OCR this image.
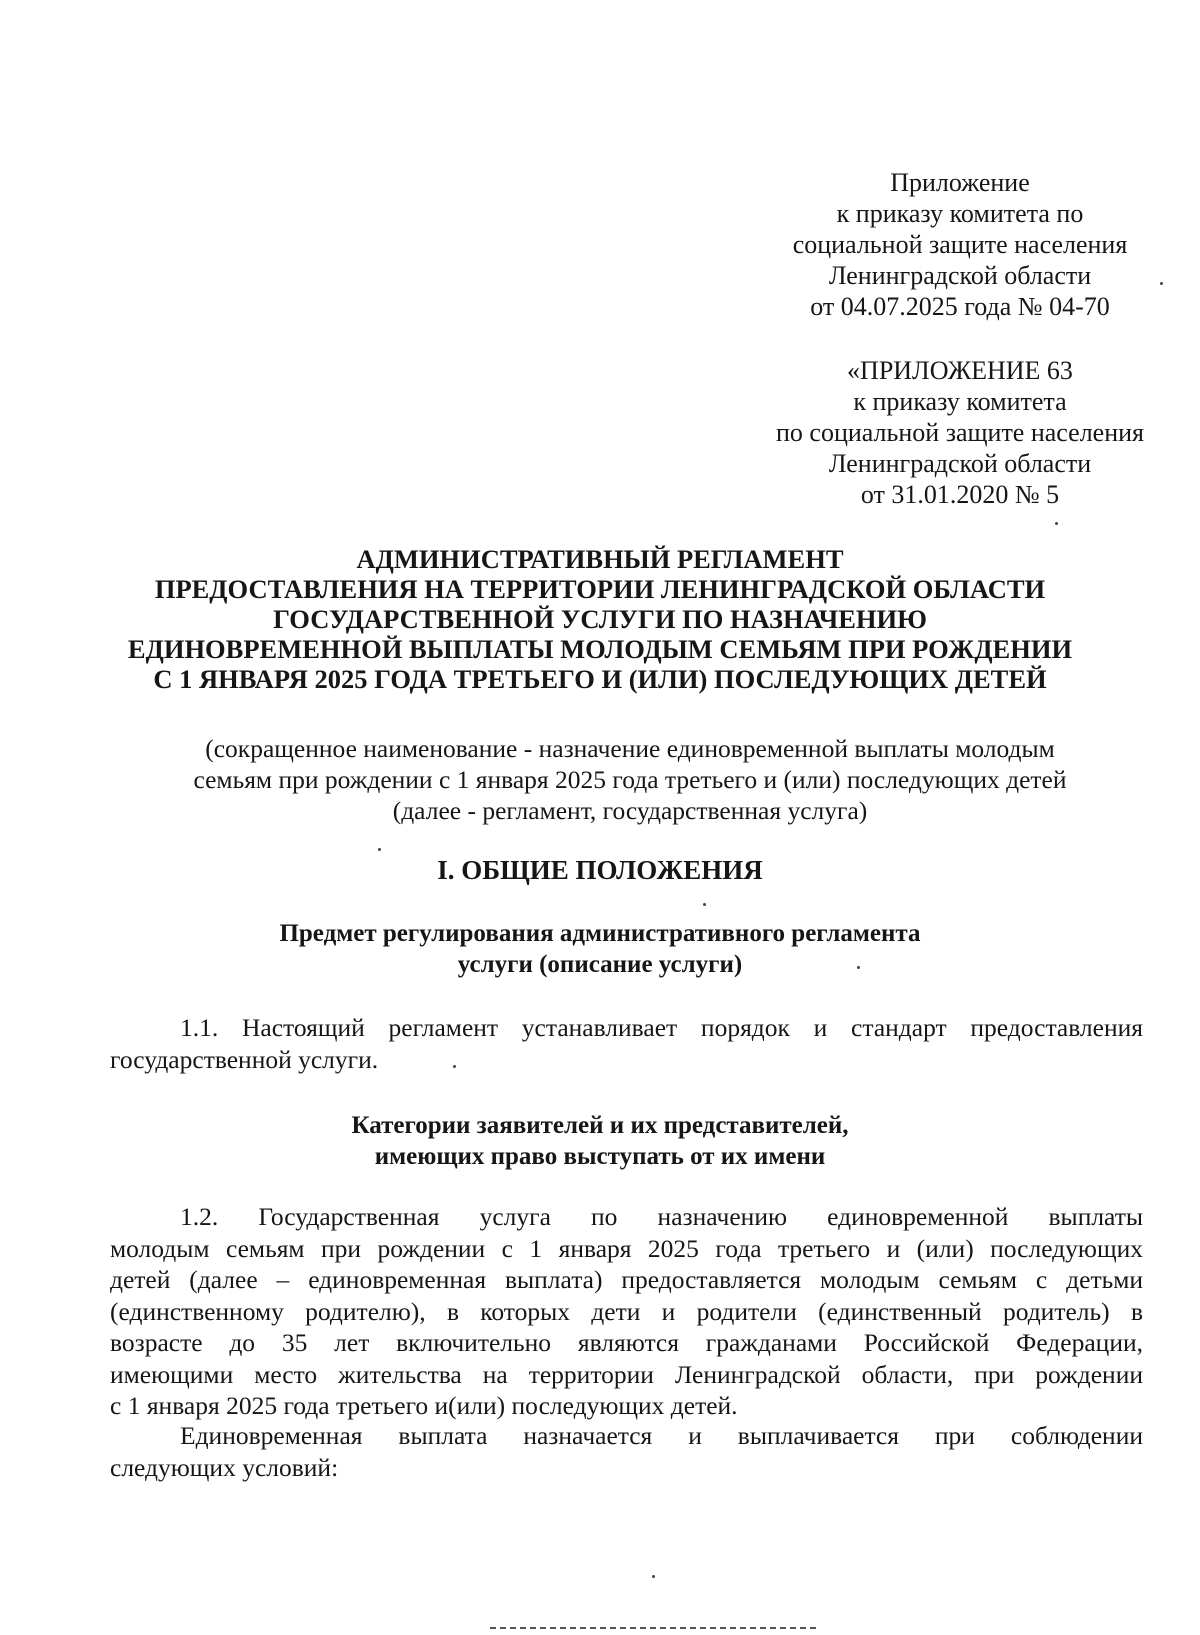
Приложение
к приказу комитета по
социальной защите населения
Ленинградской области
от 04.07.2025 года № 04-70
«ПРИЛОЖЕНИЕ 63
к приказу комитета
по социальной защите населения
Ленинградской области
от 31.01.2020 № 5
АДМИНИСТРАТИВНЫЙ РЕГЛАМЕНТ
ПРЕДОСТАВЛЕНИЯ НА ТЕРРИТОРИИ ЛЕНИНГРАДСКОЙ ОБЛАСТИ
ГОСУДАРСТВЕННОЙ УСЛУГИ ПО НАЗНАЧЕНИЮ
ЕДИНОВРЕМЕННОЙ ВЫПЛАТЫ МОЛОДЫМ СЕМЬЯМ ПРИ РОЖДЕНИИ
С 1 ЯНВАРЯ 2025 ГОДА ТРЕТЬЕГО И (ИЛИ) ПОСЛЕДУЮЩИХ ДЕТЕЙ
(сокращенное наименование - назначение единовременной выплаты молодым
семьям при рождении с 1 января 2025 года третьего и (или) последующих детей
(далее - регламент, государственная услуга)
I. ОБЩИЕ ПОЛОЖЕНИЯ
Предмет регулирования административного регламента
услуги (описание услуги)
1.1. Настоящий регламент устанавливает порядок и стандарт предоставления
государственной услуги.
Категории заявителей и их представителей,
имеющих право выступать от их имени
1.2. Государственная услуга по назначению единовременной выплаты
молодым семьям при рождении с 1 января 2025 года третьего и (или) последующих
детей (далее – единовременная выплата) предоставляется молодым семьям с детьми
(единственному родителю), в которых дети и родители (единственный родитель) в
возрасте до 35 лет включительно являются гражданами Российской Федерации,
имеющими место жительства на территории Ленинградской области, при рождении
с 1 января 2025 года третьего и(или) последующих детей.
Единовременная выплата назначается и выплачивается при соблюдении
следующих условий:
